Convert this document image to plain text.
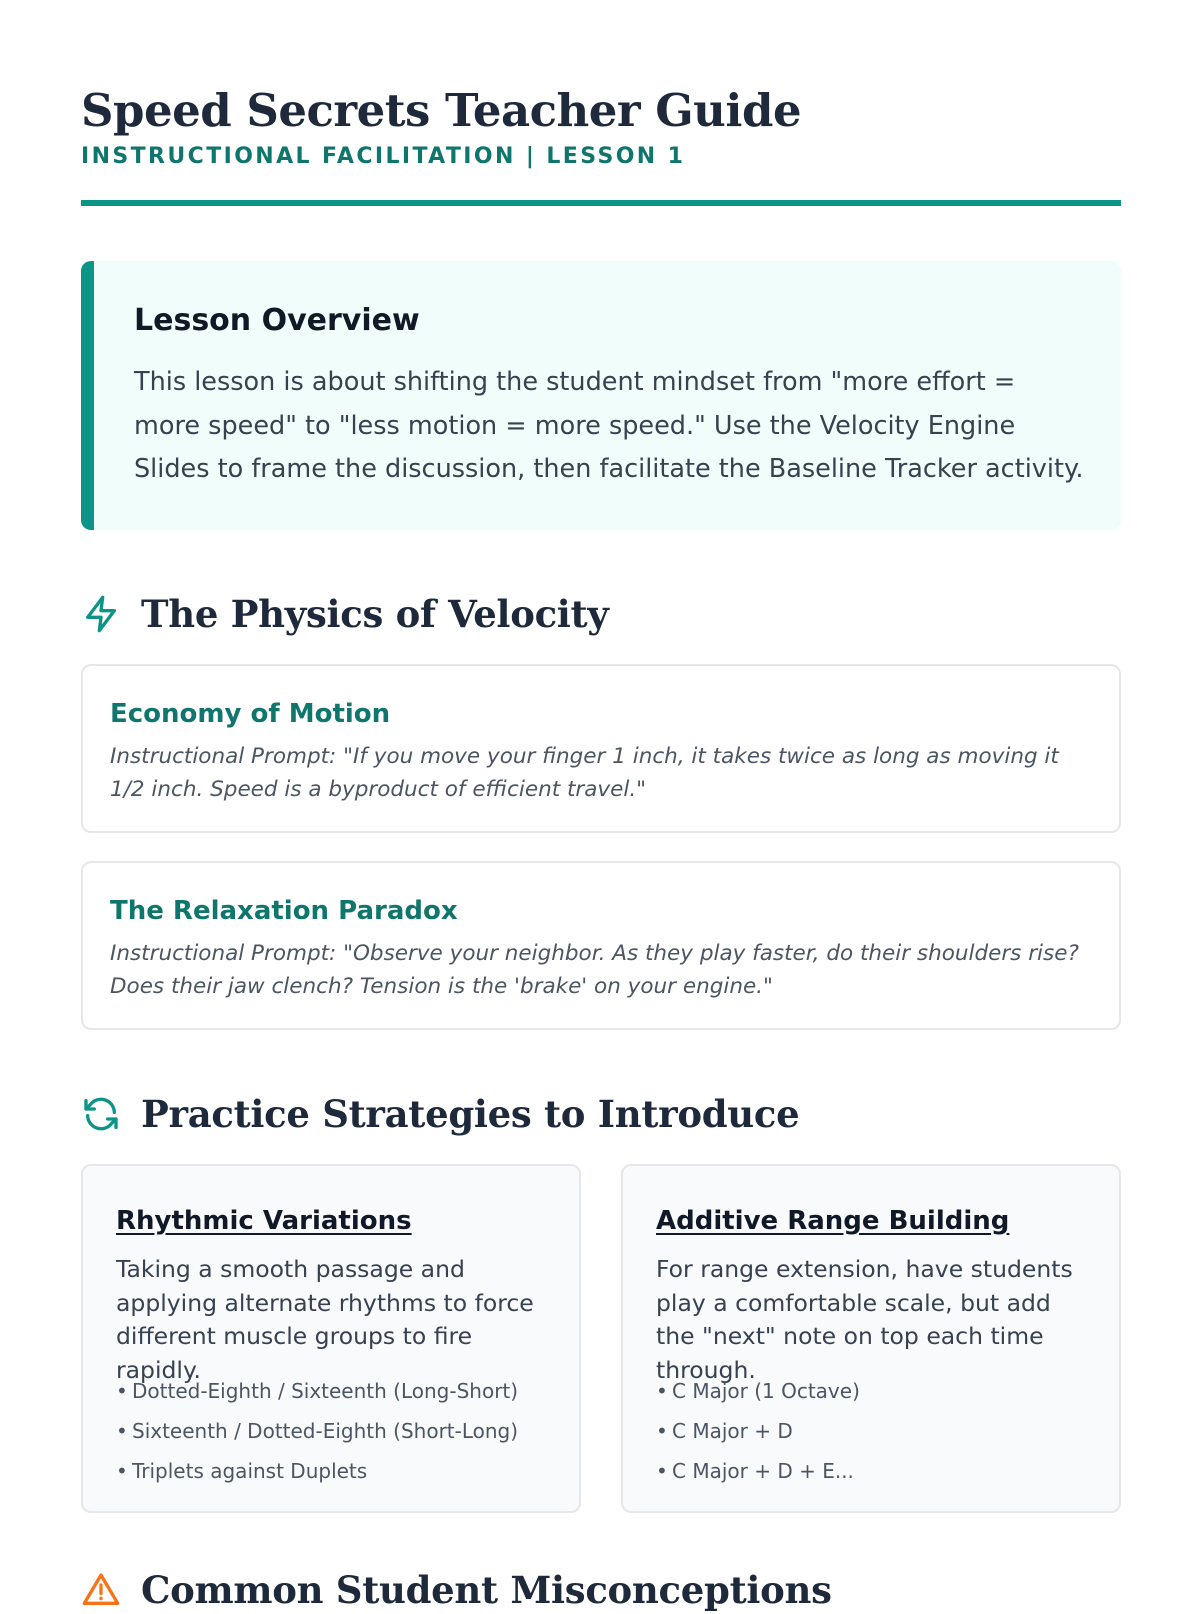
Speed Secrets Teacher Guide
INSTRUCTIONAL FACILITATION | LESSON 1
Lesson Overview

This lesson is about shifting the student mindset from "more effort = more speed" to "less motion = more speed." Use the Velocity Engine Slides to frame the discussion, then facilitate the Baseline Tracker activity.

The Physics of Velocity
Economy of Motion

Instructional Prompt: "If you move your finger 1 inch, it takes twice as long as moving it 1/2 inch. Speed is a byproduct of efficient travel."

The Relaxation Paradox

Instructional Prompt: "Observe your neighbor. As they play faster, do their shoulders rise? Does their jaw clench? Tension is the 'brake' on your engine."

Practice Strategies to Introduce
Rhythmic Variations

Taking a smooth passage and applying alternate rhythms to force different muscle groups to fire rapidly.

• Dotted-Eighth / Sixteenth (Long-Short)
• Sixteenth / Dotted-Eighth (Short-Long)
• Triplets against Duplets
Additive Range Building

For range extension, have students play a comfortable scale, but add the "next" note on top each time through.

• C Major (1 Octave)
• C Major + D
• C Major + D + E...
Common Student Misconceptions
